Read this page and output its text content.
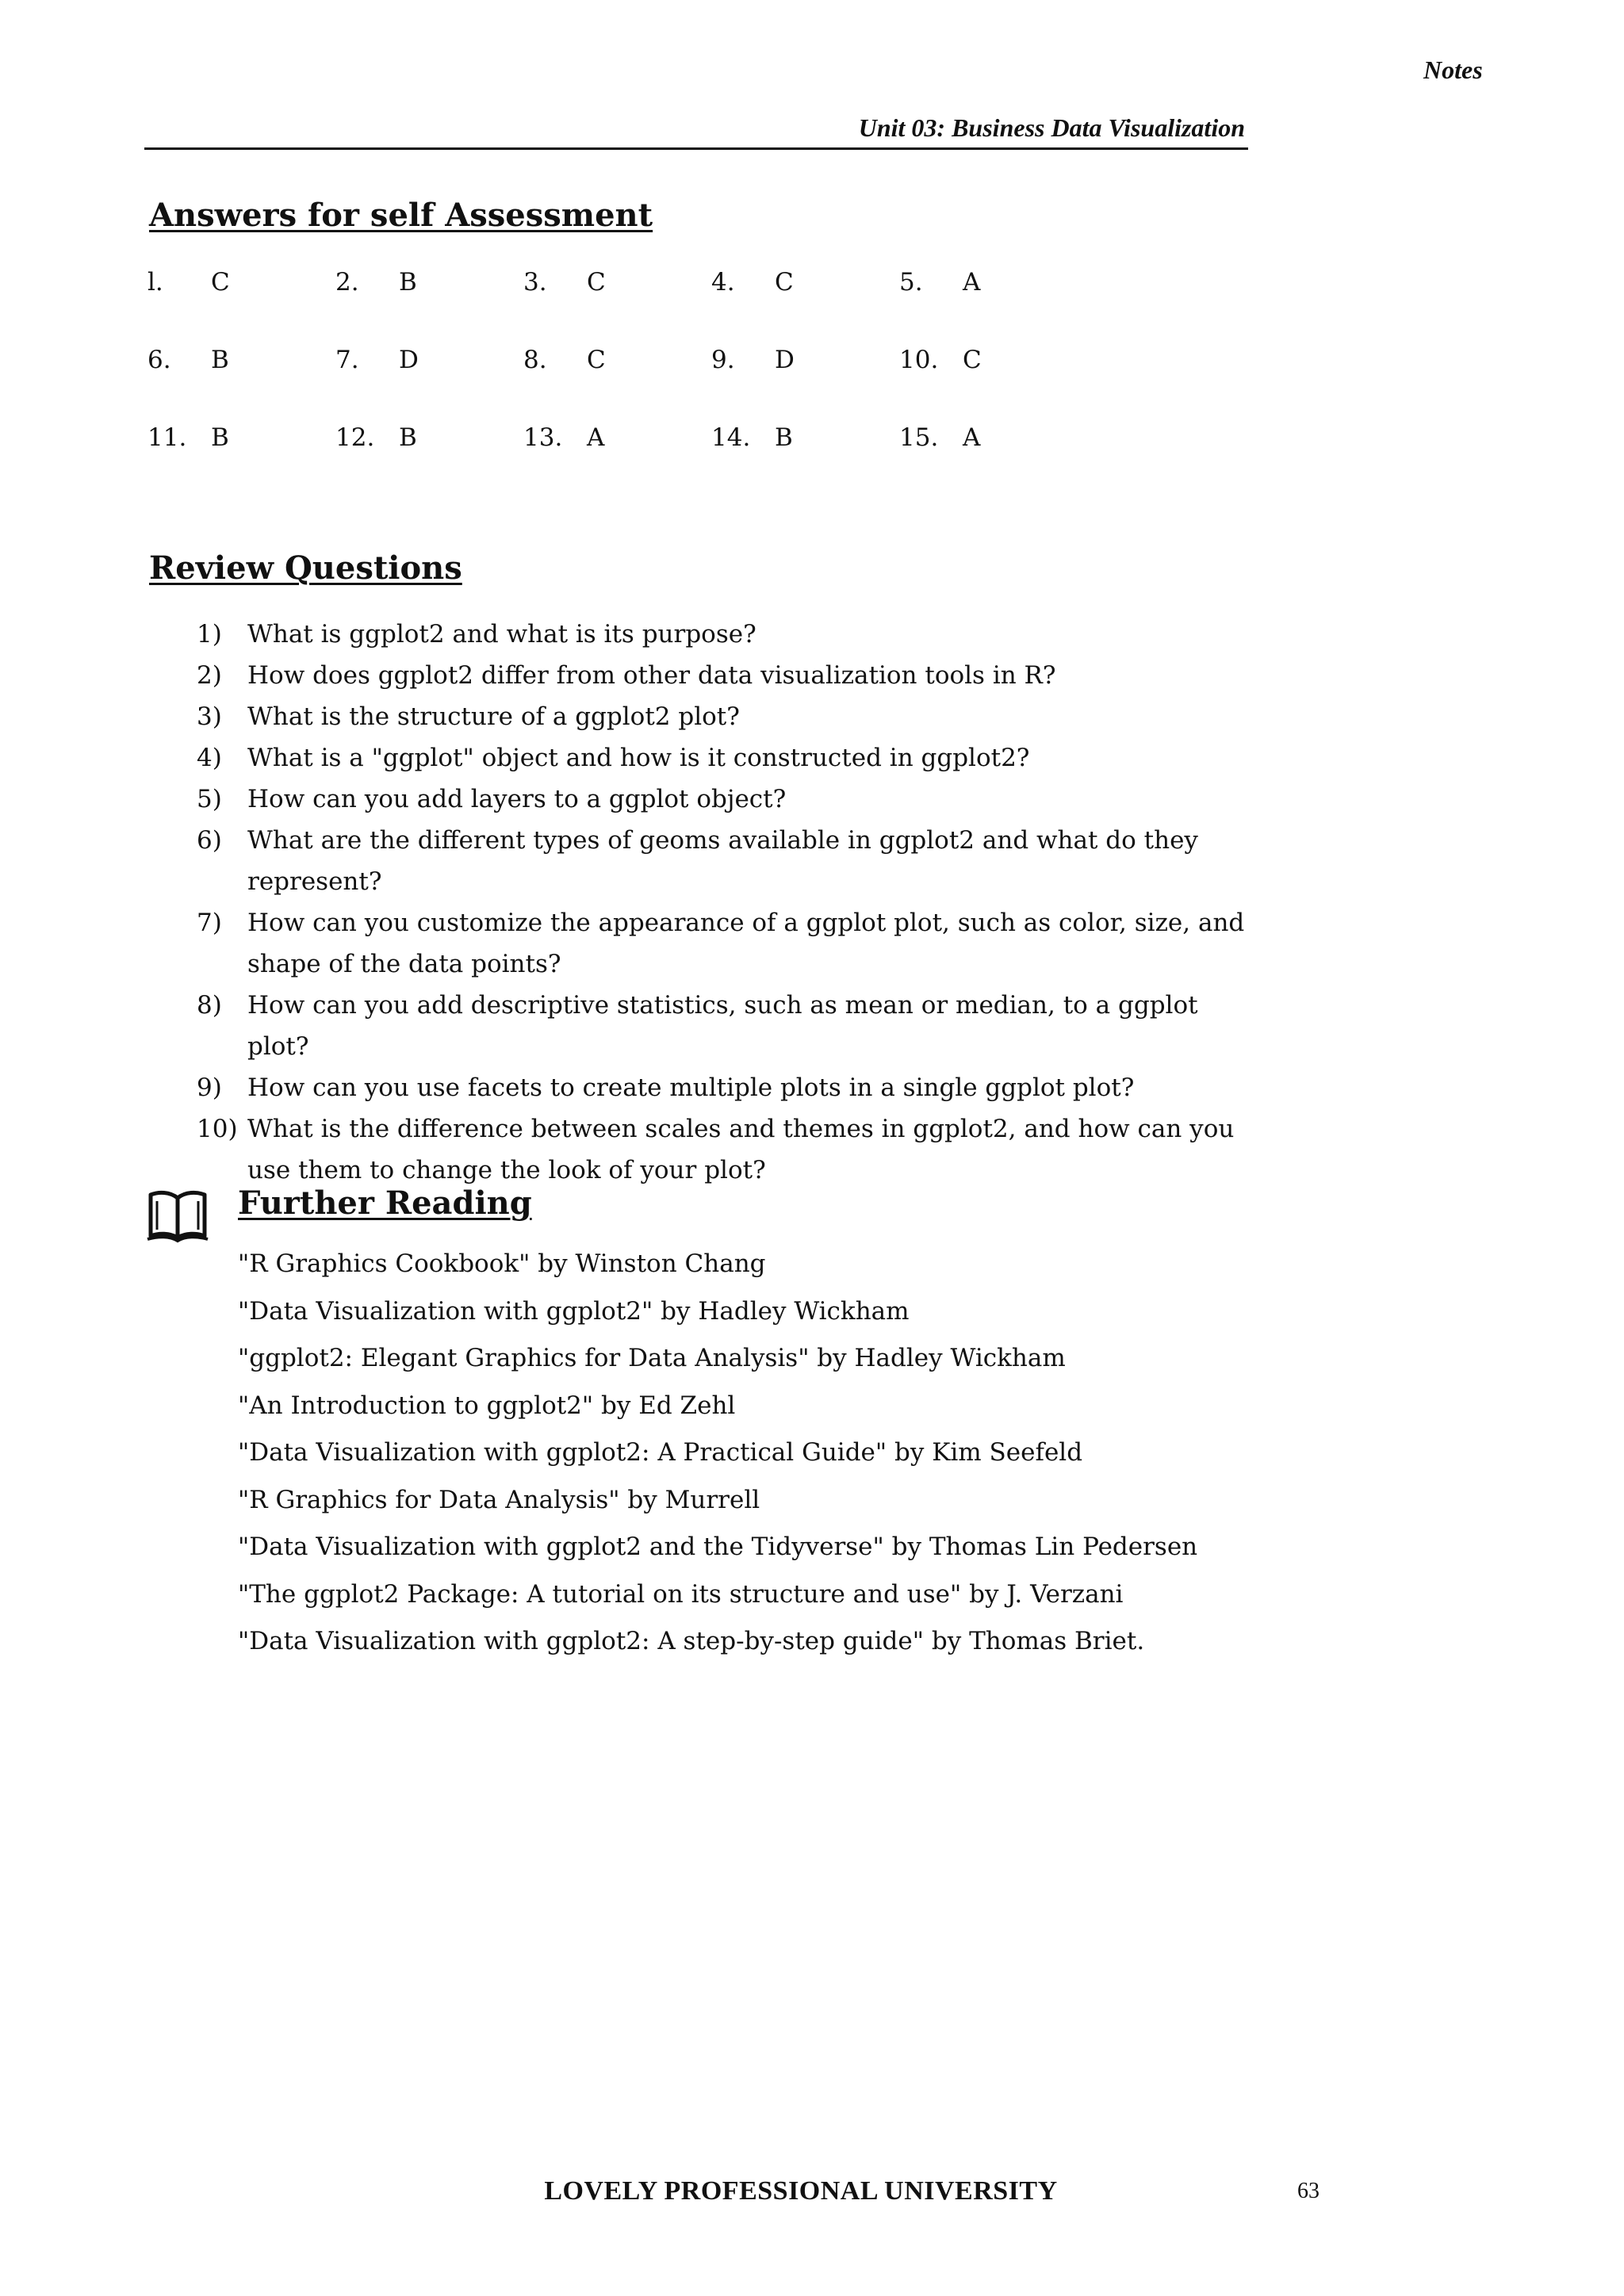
Notes
Unit 03: Business Data Visualization
Answers for self Assessment
l.	C	2.	B	3.	C	4.	C	5.	A
6.	B	7.	D	8.	C	9.	D	10. C
11. B	12. B	13. A	14. B	15. A
Review Questions
1)	What is ggplot2 and what is its purpose?
2)	How does ggplot2 differ from other data visualization tools in R?
3)	What is the structure of a ggplot2 plot?
4)	What is a "ggplot" object and how is it constructed in ggplot2?
5)	How can you add layers to a ggplot object?
6)	What are the different types of geoms available in ggplot2 and what do they represent?
7)	How can you customize the appearance of a ggplot plot, such as color, size, and shape of the data points?
8)	How can you add descriptive statistics, such as mean or median, to a ggplot plot?
9)	How can you use facets to create multiple plots in a single ggplot plot?
10) What is the difference between scales and themes in ggplot2, and how can you use them to change the look of your plot?
Further Reading
"R Graphics Cookbook" by Winston Chang
"Data Visualization with ggplot2" by Hadley Wickham
"ggplot2: Elegant Graphics for Data Analysis" by Hadley Wickham
"An Introduction to ggplot2" by Ed Zehl
"Data Visualization with ggplot2: A Practical Guide" by Kim Seefeld
"R Graphics for Data Analysis" by Murrell
"Data Visualization with ggplot2 and the Tidyverse" by Thomas Lin Pedersen
"The ggplot2 Package: A tutorial on its structure and use" by J. Verzani
"Data Visualization with ggplot2: A step-by-step guide" by Thomas Briet.
LOVELY PROFESSIONAL UNIVERSITY	63
